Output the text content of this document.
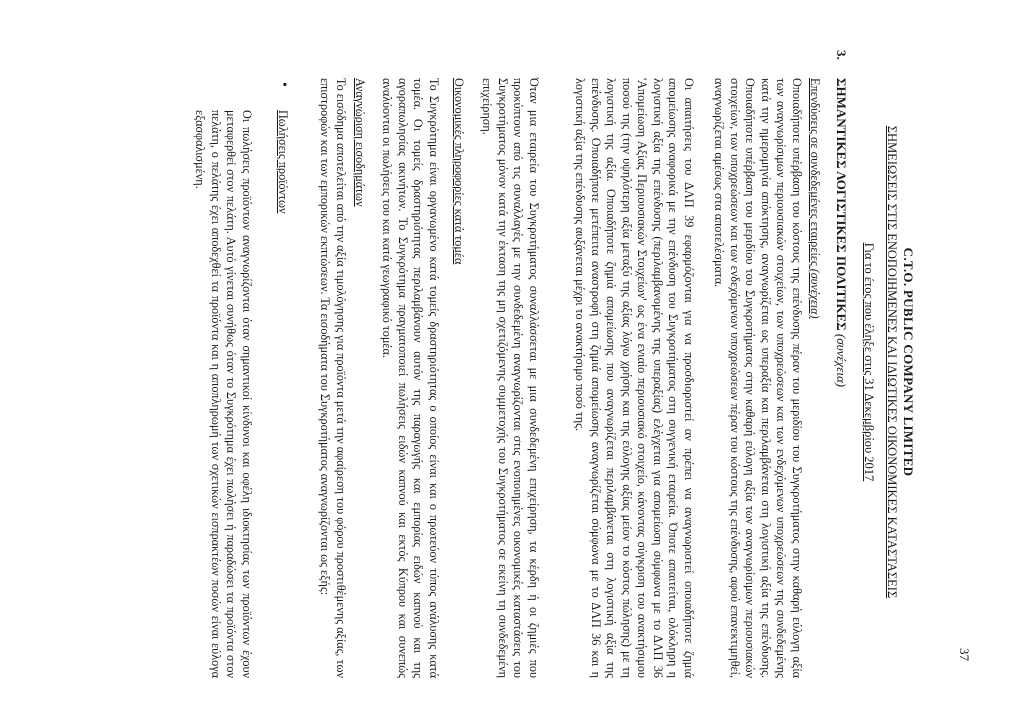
37
C.T.O. PUBLIC COMPANY LIMITED
ΣΗΜΕΙΩΣΕΙΣ ΣΤΙΣ ΕΝΟΠΟΙΗΜΕΝΕΣ ΚΑΙ ΙΔΙΩΤΙΚΕΣ ΟΙΚΟΝΟΜΙΚΕΣ ΚΑΤΑΣΤΑΣΕΙΣ
Για το έτος που έληξε στις 31 Δεκεμβρίου 2017
3.
ΣΗΜΑΝΤΙΚΕΣ ΛΟΓΙΣΤΙΚΕΣ ΠΟΛΙΤΙΚΕΣ (συνέχεια)
Επενδύσεις σε συνδεδεμένες εταιρείες (συνέχεια)

Οποιαδήποτε υπέρβαση του κόστους της επένδυσης πέραν του μεριδίου του Συγκροτήματος στην καθαρή εύλογη αξία των αναγνωρίσιμων περιουσιακών στοιχείων, των υποχρεώσεων και των ενδεχόμενων υποχρεώσεων της συνδεδεμένης κατά την ημερομηνία απόκτησης, αναγνωρίζεται ως υπεραξία και περιλαμβάνεται στη λογιστική αξία της επένδυσης. Οποιαδήποτε υπέρβαση του μεριδίου του Συγκροτήματος στην καθαρή εύλογη αξία των αναγνωρίσιμων περιουσιακών στοιχείων, των υποχρεώσεων και των ενδεχόμενων υποχρεώσεων πέραν του κόστους της επένδυσης, αφού επανεκτιμηθεί, αναγνωρίζεται αμέσως στα αποτελέσματα.

Οι απαιτήσεις του ΔΛΠ 39 εφαρμόζονται για να προσδιοριστεί αν πρέπει να αναγνωριστεί οποιαδήποτε ζημιά απομείωσης αναφορικά με την επένδυση του Συγκροτήματος στη συγγενική εταιρεία. Όποτε απαιτείται, ολόκληρη η λογιστική αξία της επένδυσης (περιλαμβανομένης της υπεραξίας) ελέγχεται για απομείωση σύμφωνα με το ΔΛΠ 36 'Απομείωση Αξίας Περιουσιακών Στοιχείων' ως ένα ενιαίο περιουσιακό στοιχείο, κάνοντας σύγκριση του ανακτήσιμου ποσού της (την υψηλότερη αξία μεταξύ της αξίας λόγω χρήσης και της εύλογης αξίας μείον το κόστος πώλησης) με τη λογιστική της αξία. Οποιαδήποτε ζημιά απομείωσης που αναγνωρίζεται περιλαμβάνεται στη λογιστική αξία της επένδυσης. Οποιαδήποτε μετέπειτα αναστροφή στη ζημιά απομείωσης αναγνωρίζεται σύμφωνα με το ΔΛΠ 36 και η λογιστική αξία της επένδυσης αυξάνεται μέχρι το ανακτήσιμο ποσό της.

Όταν μια εταιρεία του Συγκροτήματος συναλλάσσεται με μια συνδεδεμένη επιχείρηση, τα κέρδη ή οι ζημιές που προκύπτουν από τις συναλλαγές με την συνδεδεμένη αναγνωρίζονται στις ενοποιημένες οικονομικές καταστάσεις του Συγκροτήματος μόνον κατά την έκταση της μη σχετιζόμενης συμμετοχής του Συγκροτήματος σε εκείνη τη συνδεδεμένη επιχείρηση.

Οικονομικές πληροφορίες κατά τομέα

Το Συγκρότημα είναι οργανωμένο κατά τομείς δραστηριότητας ο οποίος είναι και ο πρωτεύον τύπος ανάλυσης κατά τομέα. Οι τομείς δραστηριότητας περιλαμβάνουν αυτόν της παραγωγής και εμπορίας ειδών καπνού και της αγοραπωλησίας ακινήτων. Το Συγκρότημα πραγματοποιεί πωλήσεις ειδών καπνού και εκτός Κύπρου και συνεπώς αναλύονται οι πωλήσεις του και κατά γεωγραφικό τομέα.

Αναγνώριση εισοδημάτων

Το εισόδημα αποτελείται από την αξία τιμολόγησης για προϊόντα μετά την αφαίρεση του φόρου προστιθέμενης αξίας, των επιστροφών και των εμπορικών εκπτώσεων. Τα εισοδήματα του Συγκροτήματος αναγνωρίζονται ως εξής:

•
Πωλήσεις προϊόντων

Οι πωλήσεις προϊόντων αναγνωρίζονται όταν σημαντικοί κίνδυνοι και οφέλη ιδιοκτησίας των προϊόντων έχουν μεταφερθεί στον πελάτη. Αυτό γίνεται συνήθως όταν το Συγκρότημα έχει πωλήσει ή παραδώσει τα προϊόντα στον πελάτη, ο πελάτης έχει αποδεχθεί τα προϊόντα και η αποπληρωμή των σχετικών εισπρακτέων ποσών είναι εύλογα εξασφαλισμένη.
